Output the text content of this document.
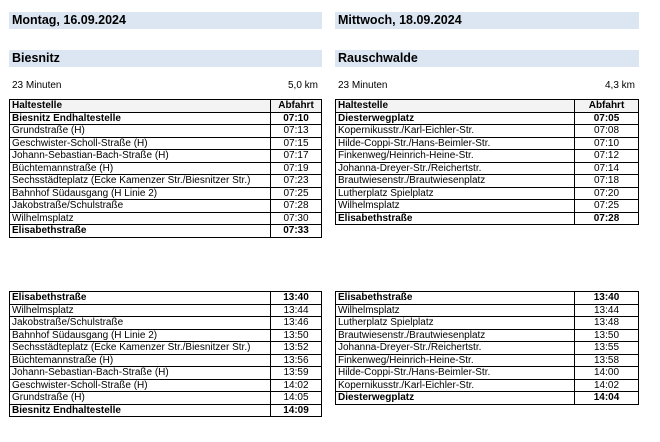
Montag, 16.09.2024
Biesnitz
23 Minuten	5,0 km
Haltestelle	Abfahrt
Biesnitz Endhaltestelle	07:10
Grundstraße (H)	07:13
Geschwister-Scholl-Straße (H)	07:15
Johann-Sebastian-Bach-Straße (H)	07:17
Büchtemannstraße (H)	07:19
Sechsstädteplatz (Ecke Kamenzer Str./Biesnitzer Str.)	07:23
Bahnhof Südausgang (H Linie 2)	07:25
Jakobstraße/Schulstraße	07:28
Wilhelmsplatz	07:30
Elisabethstraße	07:33
Elisabethstraße	13:40
Wilhelmsplatz	13:44
Jakobstraße/Schulstraße	13:46
Bahnhof Südausgang (H Linie 2)	13:50
Sechsstädteplatz (Ecke Kamenzer Str./Biesnitzer Str.)	13:52
Büchtemannstraße (H)	13:56
Johann-Sebastian-Bach-Straße (H)	13:59
Geschwister-Scholl-Straße (H)	14:02
Grundstraße (H)	14:05
Biesnitz Endhaltestelle	14:09
Mittwoch, 18.09.2024
Rauschwalde
23 Minuten	4,3 km
Haltestelle	Abfahrt
Diesterwegplatz	07:05
Kopernikusstr./Karl-Eichler-Str.	07:08
Hilde-Coppi-Str./Hans-Beimler-Str.	07:10
Finkenweg/Heinrich-Heine-Str.	07:12
Johanna-Dreyer-Str./Reichertstr.	07:14
Brautwiesenstr./Brautwiesenplatz	07:18
Lutherplatz Spielplatz	07:20
Wilhelmsplatz	07:25
Elisabethstraße	07:28
Elisabethstraße	13:40
Wilhelmsplatz	13:44
Lutherplatz Spielplatz	13:48
Brautwiesenstr./Brautwiesenplatz	13:50
Johanna-Dreyer-Str./Reichertstr.	13:55
Finkenweg/Heinrich-Heine-Str.	13:58
Hilde-Coppi-Str./Hans-Beimler-Str.	14:00
Kopernikusstr./Karl-Eichler-Str.	14:02
Diesterwegplatz	14:04
